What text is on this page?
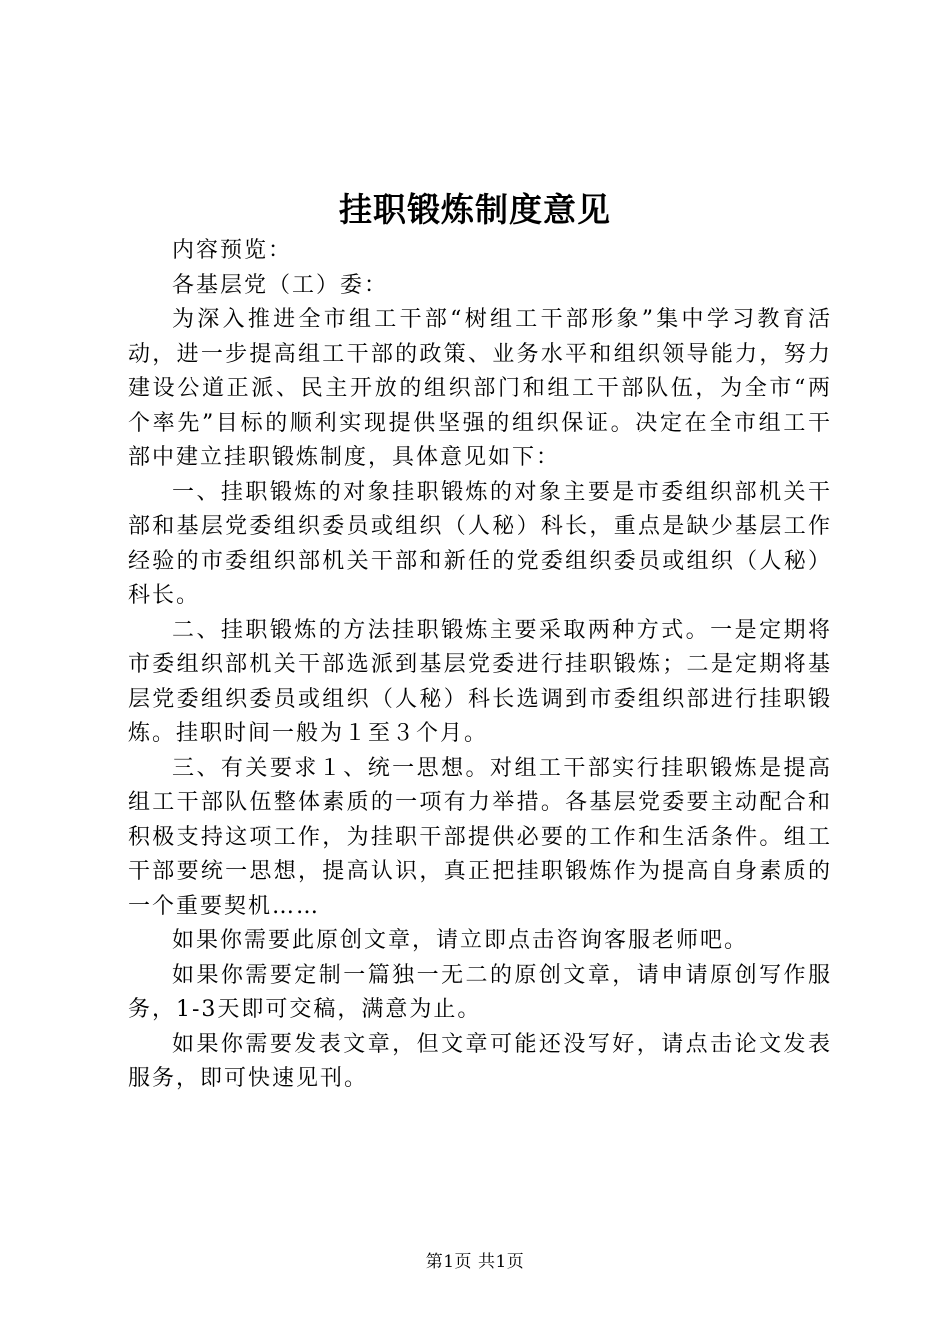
挂职锻炼制度意见

内容预览：

各基层党（工）委：

为深入推进全市组工干部“树组工干部形象”集中学习教育活动，进一步提高组工干部的政策、业务水平和组织领导能力，努力建设公道正派、民主开放的组织部门和组工干部队伍，为全市“两个率先”目标的顺利实现提供坚强的组织保证。决定在全市组工干部中建立挂职锻炼制度，具体意见如下：

一、挂职锻炼的对象挂职锻炼的对象主要是市委组织部机关干部和基层党委组织委员或组织（人秘）科长，重点是缺少基层工作经验的市委组织部机关干部和新任的党委组织委员或组织（人秘）科长。

二、挂职锻炼的方法挂职锻炼主要采取两种方式。一是定期将市委组织部机关干部选派到基层党委进行挂职锻炼；二是定期将基层党委组织委员或组织（人秘）科长选调到市委组织部进行挂职锻炼。挂职时间一般为１至３个月。

三、有关要求１、统一思想。对组工干部实行挂职锻炼是提高组工干部队伍整体素质的一项有力举措。各基层党委要主动配合和积极支持这项工作，为挂职干部提供必要的工作和生活条件。组工干部要统一思想，提高认识，真正把挂职锻炼作为提高自身素质的一个重要契机……

如果你需要此原创文章，请立即点击咨询客服老师吧。

如果你需要定制一篇独一无二的原创文章，请申请原创写作服务，1-3天即可交稿，满意为止。

如果你需要发表文章，但文章可能还没写好，请点击论文发表服务，即可快速见刊。

第1页 共1页
